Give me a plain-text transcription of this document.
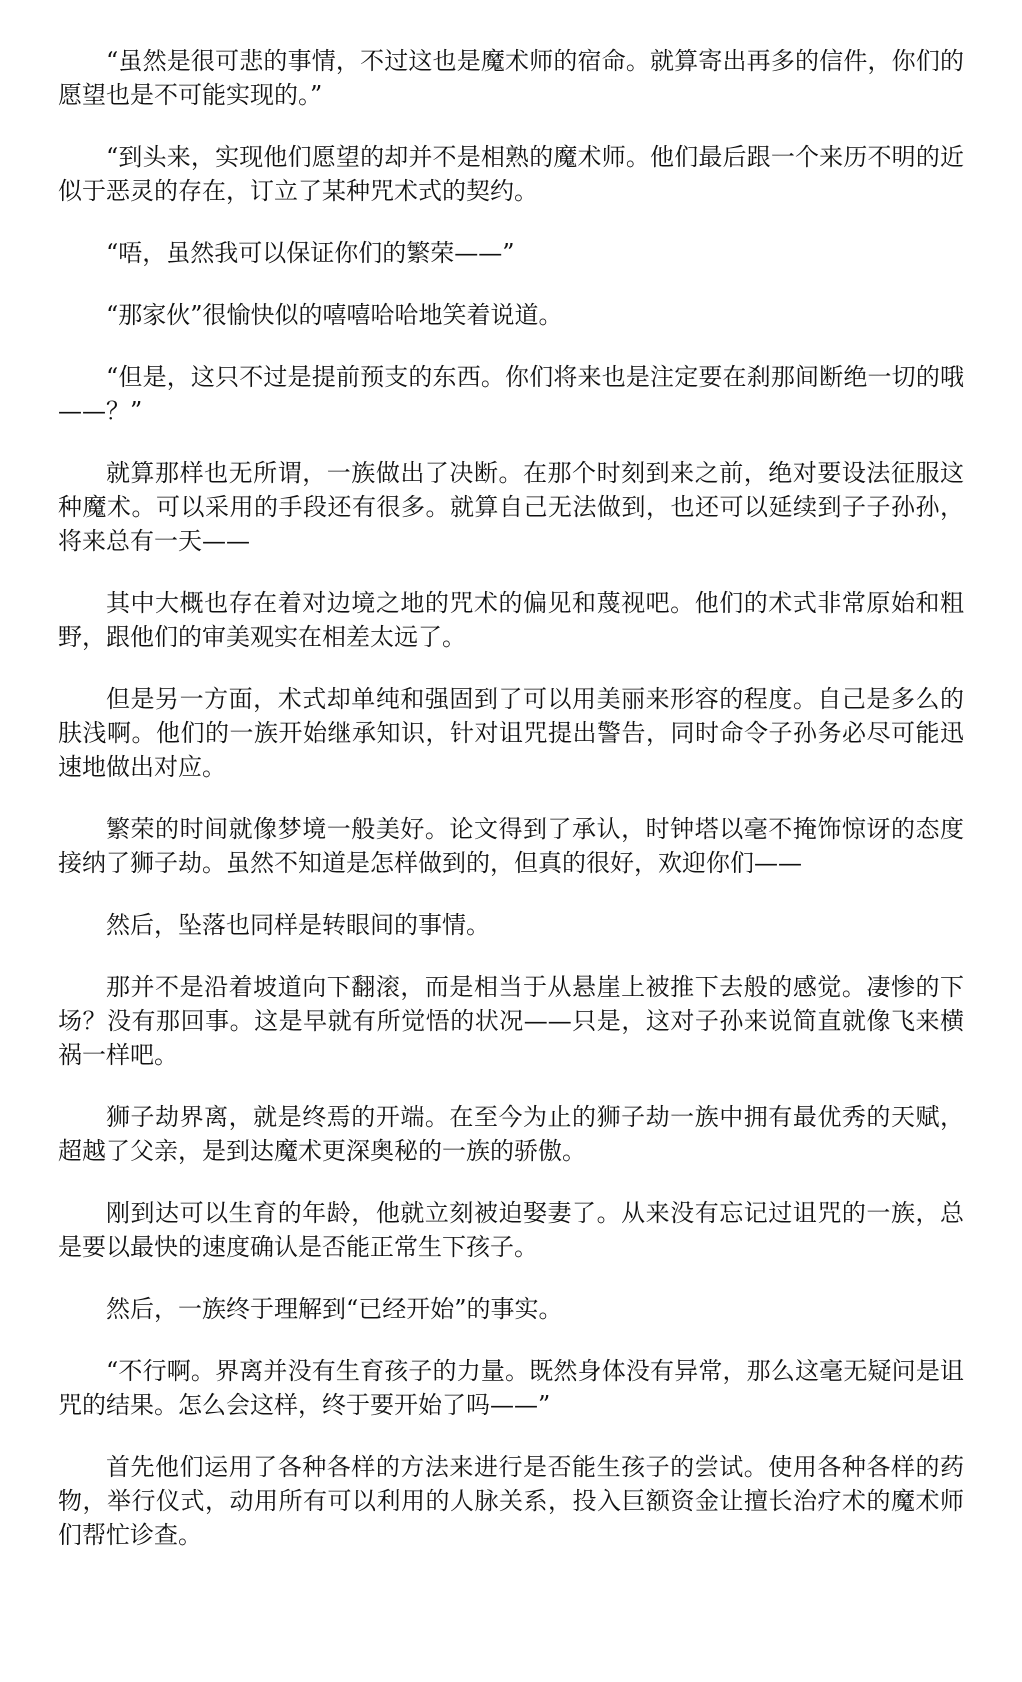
“虽然是很可悲的事情，不过这也是魔术师的宿命。就算寄出再多的信件，你们的愿望也是不可能实现的。”

“到头来，实现他们愿望的却并不是相熟的魔术师。他们最后跟一个来历不明的近似于恶灵的存在，订立了某种咒术式的契约。

“唔，虽然我可以保证你们的繁荣——”

“那家伙”很愉快似的嘻嘻哈哈地笑着说道。

“但是，这只不过是提前预支的东西。你们将来也是注定要在刹那间断绝一切的哦——？”

就算那样也无所谓，一族做出了决断。在那个时刻到来之前，绝对要设法征服这种魔术。可以采用的手段还有很多。就算自己无法做到，也还可以延续到子子孙孙，将来总有一天——

其中大概也存在着对边境之地的咒术的偏见和蔑视吧。他们的术式非常原始和粗野，跟他们的审美观实在相差太远了。

但是另一方面，术式却单纯和强固到了可以用美丽来形容的程度。自己是多么的肤浅啊。他们的一族开始继承知识，针对诅咒提出警告，同时命令子孙务必尽可能迅速地做出对应。

繁荣的时间就像梦境一般美好。论文得到了承认，时钟塔以毫不掩饰惊讶的态度接纳了狮子劫。虽然不知道是怎样做到的，但真的很好，欢迎你们——

然后，坠落也同样是转眼间的事情。

那并不是沿着坡道向下翻滚，而是相当于从悬崖上被推下去般的感觉。凄惨的下场？没有那回事。这是早就有所觉悟的状况——只是，这对子孙来说简直就像飞来横祸一样吧。

狮子劫界离，就是终焉的开端。在至今为止的狮子劫一族中拥有最优秀的天赋，超越了父亲，是到达魔术更深奥秘的一族的骄傲。

刚到达可以生育的年龄，他就立刻被迫娶妻了。从来没有忘记过诅咒的一族，总是要以最快的速度确认是否能正常生下孩子。

然后，一族终于理解到“已经开始”的事实。

“不行啊。界离并没有生育孩子的力量。既然身体没有异常，那么这毫无疑问是诅咒的结果。怎么会这样，终于要开始了吗——”

首先他们运用了各种各样的方法来进行是否能生孩子的尝试。使用各种各样的药物，举行仪式，动用所有可以利用的人脉关系，投入巨额资金让擅长治疗术的魔术师们帮忙诊查。
